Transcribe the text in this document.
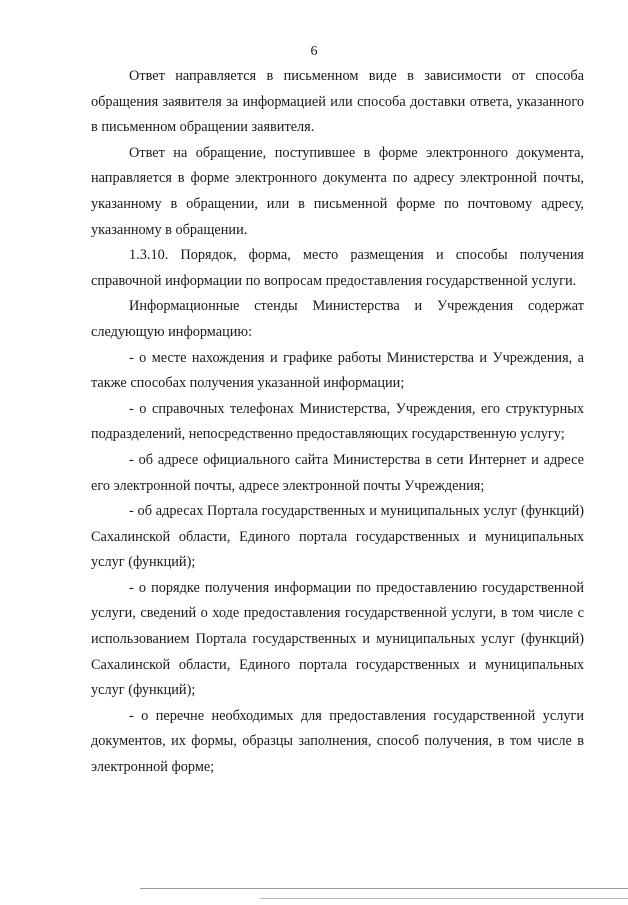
6

Ответ направляется в письменном виде в зависимости от способа обращения заявителя за информацией или способа доставки ответа, указанного в письменном обращении заявителя.

Ответ на обращение, поступившее в форме электронного документа, направляется в форме электронного документа по адресу электронной почты, указанному в обращении, или в письменной форме по почтовому адресу, указанному в обращении.

1.3.10. Порядок, форма, место размещения и способы получения справочной информации по вопросам предоставления государственной услуги.

Информационные стенды Министерства и Учреждения содержат следующую информацию:

- о месте нахождения и графике работы Министерства и Учреждения, а также способах получения указанной информации;

- о справочных телефонах Министерства, Учреждения, его структурных подразделений, непосредственно предоставляющих государственную услугу;

- об адресе официального сайта Министерства в сети Интернет и адресе его электронной почты, адресе электронной почты Учреждения;

- об адресах Портала государственных и муниципальных услуг (функций) Сахалинской области, Единого портала государственных и муниципальных услуг (функций);

- о порядке получения информации по предоставлению государственной услуги, сведений о ходе предоставления государственной услуги, в том числе с использованием Портала государственных и муниципальных услуг (функций) Сахалинской области, Единого портала государственных и муниципальных услуг (функций);

- о перечне необходимых для предоставления государственной услуги документов, их формы, образцы заполнения, способ получения, в том числе в электронной форме;
